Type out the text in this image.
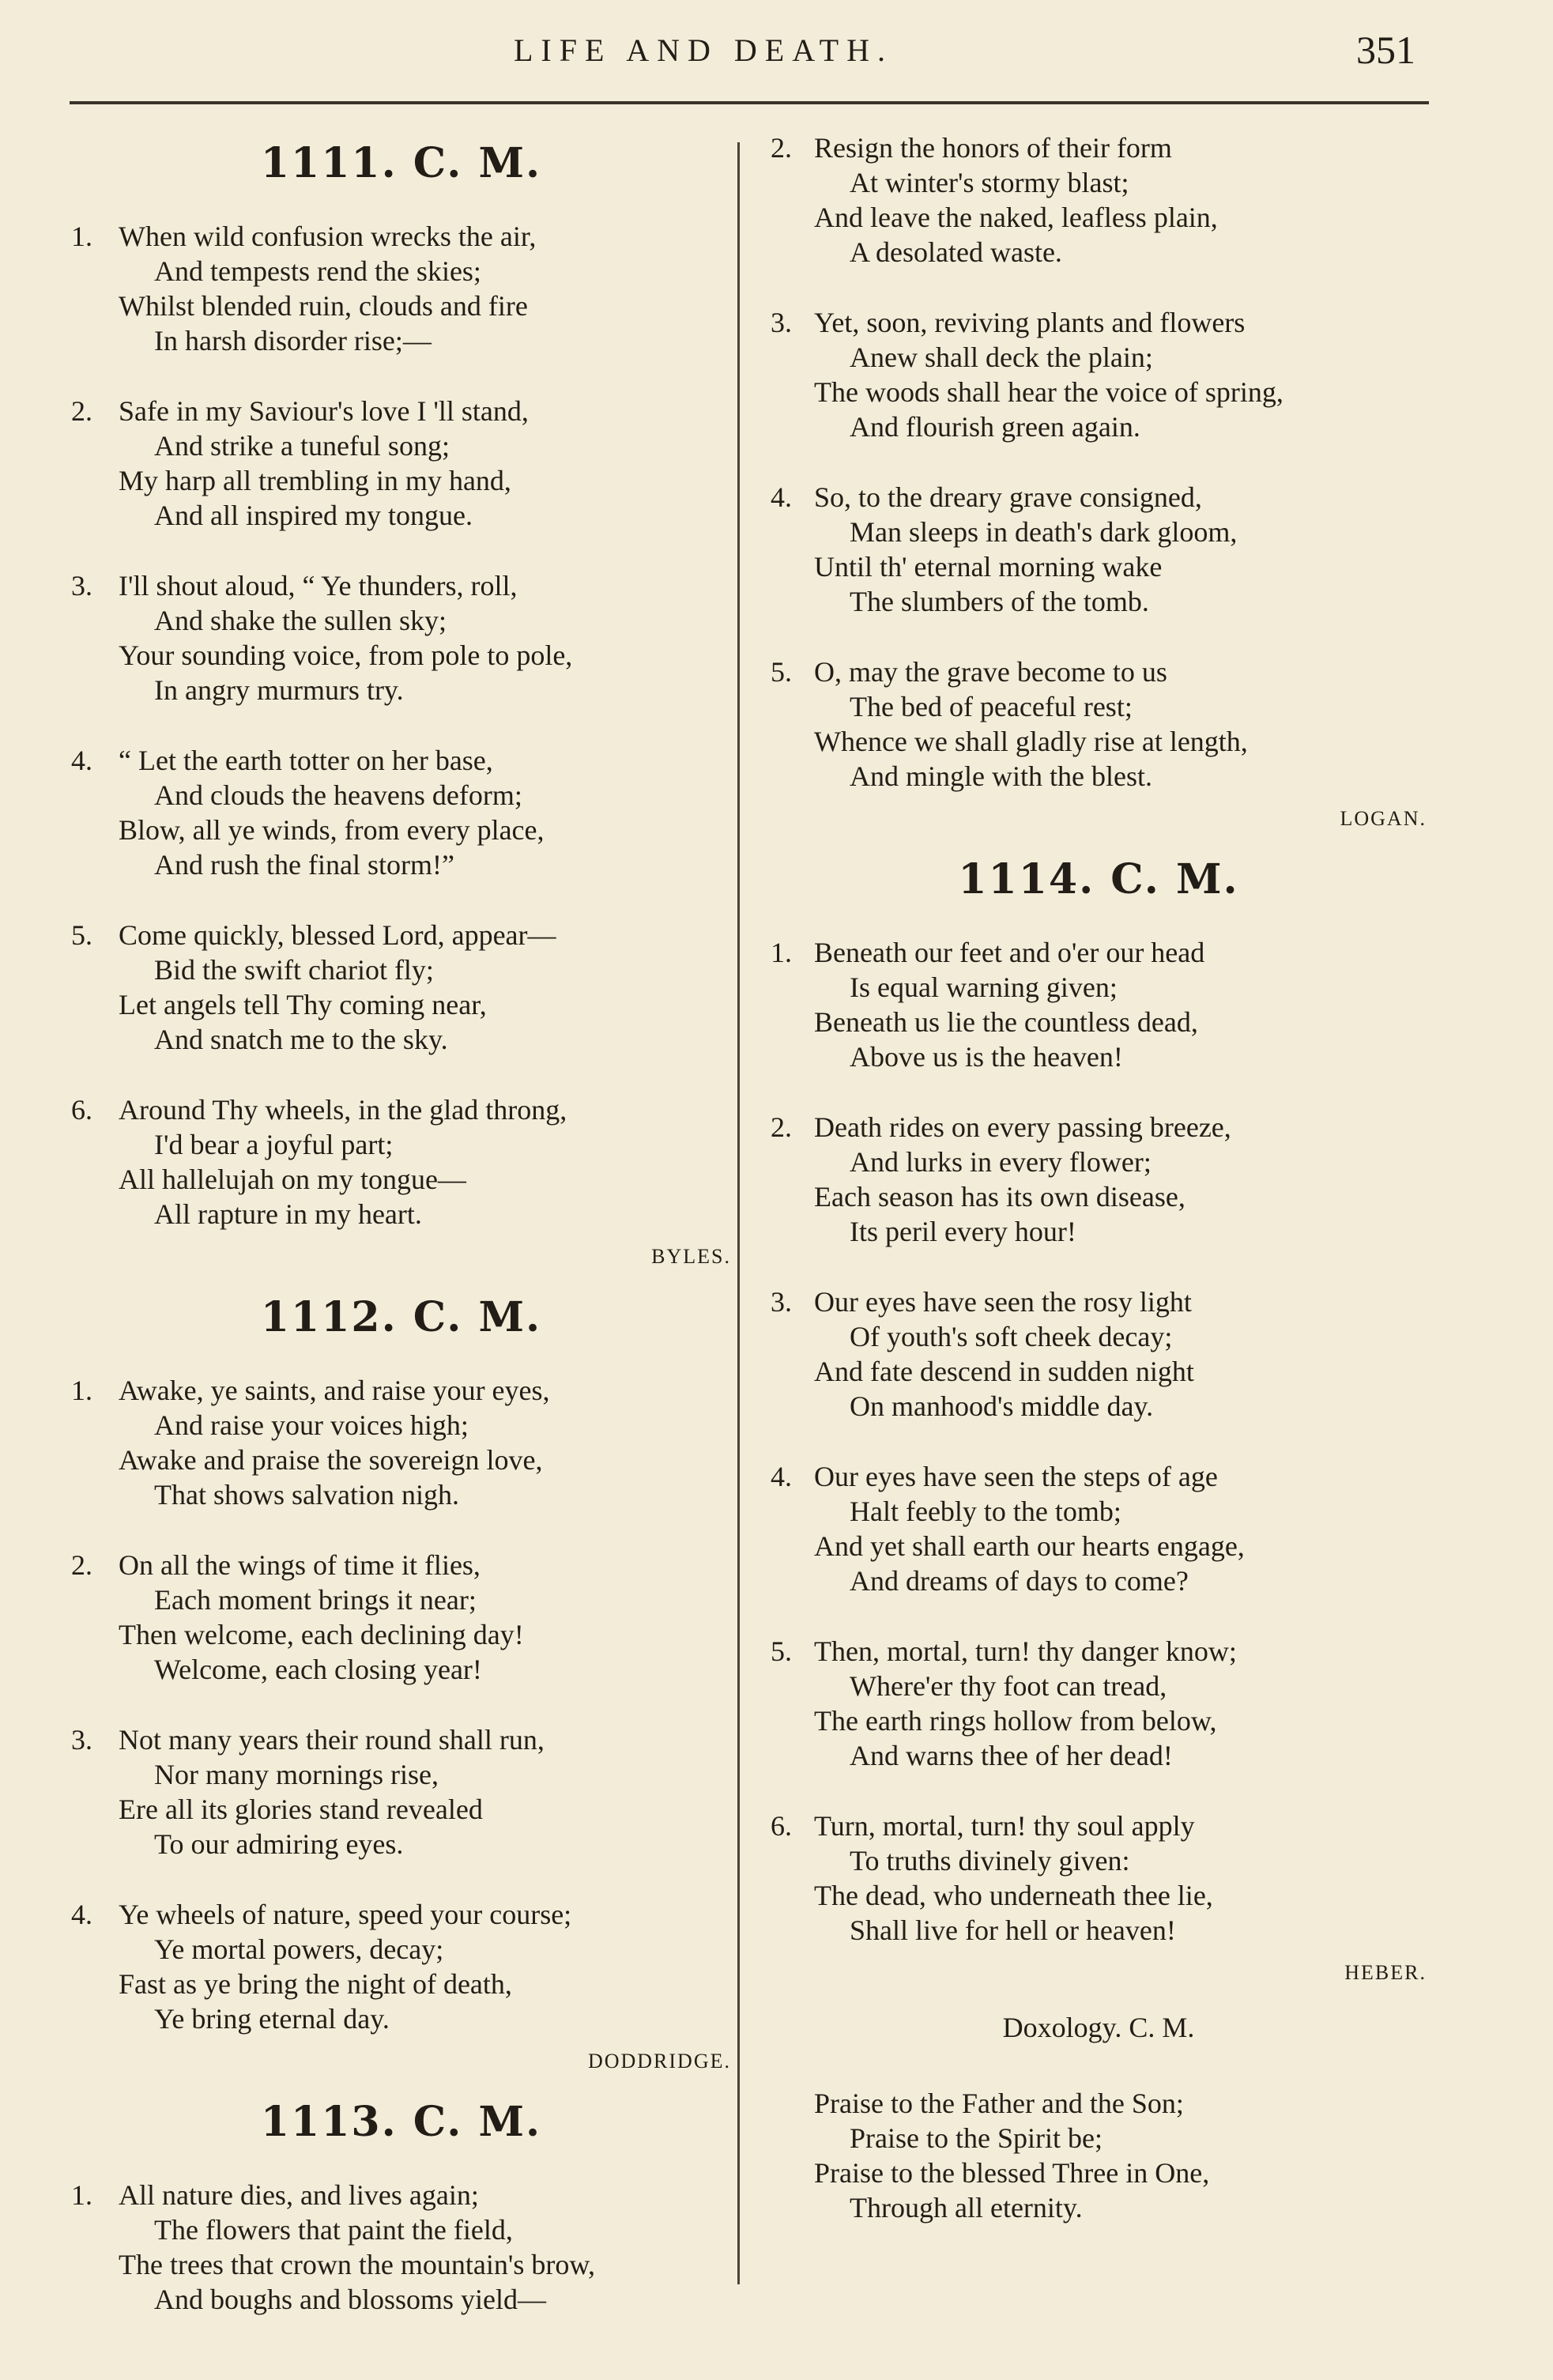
LIFE AND DEATH.	351
1111. C. M.
1. When wild confusion wrecks the air,
And tempests rend the skies;
Whilst blended ruin, clouds and fire
In harsh disorder rise;—
2. Safe in my Saviour's love I 'll stand,
And strike a tuneful song;
My harp all trembling in my hand,
And all inspired my tongue.
3. I'll shout aloud, “ Ye thunders, roll,
And shake the sullen sky;
Your sounding voice, from pole to pole,
In angry murmurs try.
4. “ Let the earth totter on her base,
And clouds the heavens deform;
Blow, all ye winds, from every place,
And rush the final storm!”
5. Come quickly, blessed Lord, appear—
Bid the swift chariot fly;
Let angels tell Thy coming near,
And snatch me to the sky.
6. Around Thy wheels, in the glad throng,
I'd bear a joyful part;
All hallelujah on my tongue—
All rapture in my heart.
BYLES.
1112. C. M.
1. Awake, ye saints, and raise your eyes,
And raise your voices high;
Awake and praise the sovereign love,
That shows salvation nigh.
2. On all the wings of time it flies,
Each moment brings it near;
Then welcome, each declining day!
Welcome, each closing year!
3. Not many years their round shall run,
Nor many mornings rise,
Ere all its glories stand revealed
To our admiring eyes.
4. Ye wheels of nature, speed your course;
Ye mortal powers, decay;
Fast as ye bring the night of death,
Ye bring eternal day.
DODDRIDGE.
1113. C. M.
1. All nature dies, and lives again;
The flowers that paint the field,
The trees that crown the mountain's brow,
And boughs and blossoms yield—
2. Resign the honors of their form
At winter's stormy blast;
And leave the naked, leafless plain,
A desolated waste.
3. Yet, soon, reviving plants and flowers
Anew shall deck the plain;
The woods shall hear the voice of spring,
And flourish green again.
4. So, to the dreary grave consigned,
Man sleeps in death's dark gloom,
Until th' eternal morning wake
The slumbers of the tomb.
5. O, may the grave become to us
The bed of peaceful rest;
Whence we shall gladly rise at length,
And mingle with the blest.
LOGAN.
1114. C. M.
1. Beneath our feet and o'er our head
Is equal warning given;
Beneath us lie the countless dead,
Above us is the heaven!
2. Death rides on every passing breeze,
And lurks in every flower;
Each season has its own disease,
Its peril every hour!
3. Our eyes have seen the rosy light
Of youth's soft cheek decay;
And fate descend in sudden night
On manhood's middle day.
4. Our eyes have seen the steps of age
Halt feebly to the tomb;
And yet shall earth our hearts engage,
And dreams of days to come?
5. Then, mortal, turn! thy danger know;
Where'er thy foot can tread,
The earth rings hollow from below,
And warns thee of her dead!
6. Turn, mortal, turn! thy soul apply
To truths divinely given:
The dead, who underneath thee lie,
Shall live for hell or heaven!
HEBER.
Doxology. C. M.
Praise to the Father and the Son;
Praise to the Spirit be;
Praise to the blessed Three in One,
Through all eternity.
